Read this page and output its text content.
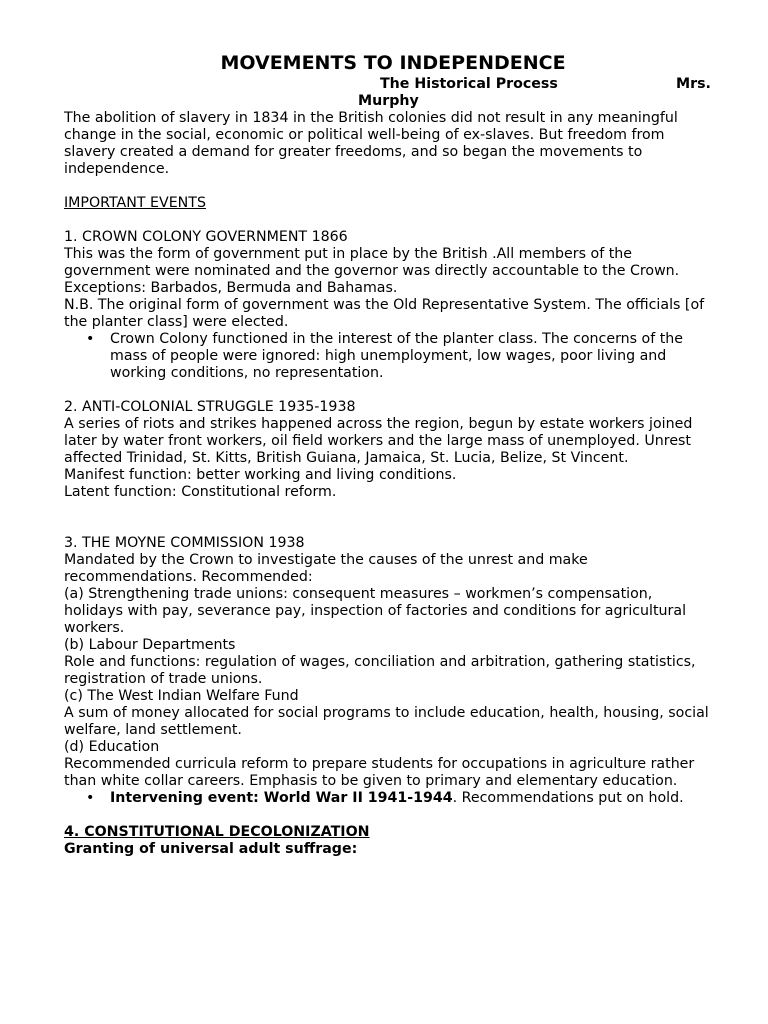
MOVEMENTS TO INDEPENDENCE
The Historical Process	Mrs.
Murphy

The abolition of slavery in 1834 in the British colonies did not result in any meaningful change in the social, economic or political well-being of ex-slaves. But freedom from slavery created a demand for greater freedoms, and so began the movements to independence.

IMPORTANT EVENTS

1. CROWN COLONY GOVERNMENT 1866

This was the form of government put in place by the British .All members of the government were nominated and the governor was directly accountable to the Crown.

Exceptions: Barbados, Bermuda and Bahamas.

N.B. The original form of government was the Old Representative System. The officials [of the planter class] were elected.

• Crown Colony functioned in the interest of the planter class. The concerns of the mass of people were ignored: high unemployment, low wages, poor living and working conditions, no representation.

2. ANTI-COLONIAL STRUGGLE 1935-1938

A series of riots and strikes happened across the region, begun by estate workers joined later by water front workers, oil field workers and the large mass of unemployed. Unrest affected Trinidad, St. Kitts, British Guiana, Jamaica, St. Lucia, Belize, St Vincent.

Manifest function: better working and living conditions.

Latent function: Constitutional reform.

3. THE MOYNE COMMISSION 1938

Mandated by the Crown to investigate the causes of the unrest and make recommendations. Recommended:

(a) Strengthening trade unions: consequent measures – workmen’s compensation, holidays with pay, severance pay, inspection of factories and conditions for agricultural workers.

(b) Labour Departments

Role and functions: regulation of wages, conciliation and arbitration, gathering statistics, registration of trade unions.

(c) The West Indian Welfare Fund

A sum of money allocated for social programs to include education, health, housing, social welfare, land settlement.

(d) Education

Recommended curricula reform to prepare students for occupations in agriculture rather than white collar careers. Emphasis to be given to primary and elementary education.

• Intervening event: World War II 1941-1944. Recommendations put on hold.

4. CONSTITUTIONAL DECOLONIZATION

Granting of universal adult suffrage:
